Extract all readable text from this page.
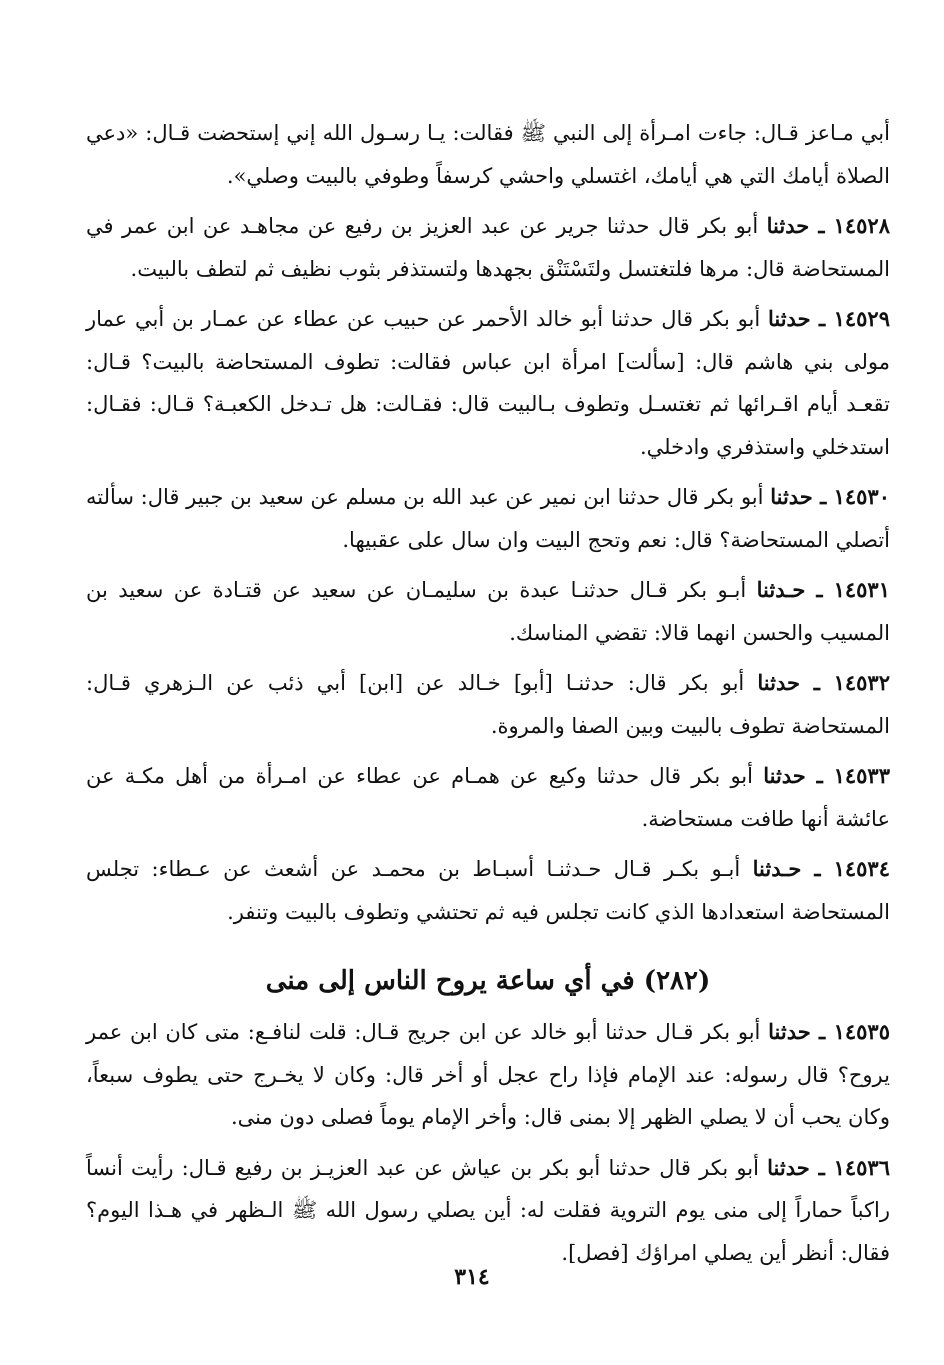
أبي مـاعز قـال: جاءت امـرأة إلى النبي ﷺ فقالت: يـا رسـول الله إني إستحضت قـال: «دعي الصلاة أيامك التي هي أيامك، اغتسلي واحشي كرسفاً وطوفي بالبيت وصلي».

١٤٥٢٨ ـ حدثنا أبو بكر قال حدثنا جرير عن عبد العزيز بن رفيع عن مجاهـد عن ابن عمر في المستحاضة قال: مرها فلتغتسل ولتَسْتَنْق بجهدها ولتستذفر بثوب نظيف ثم لتطف بالبيت.

١٤٥٢٩ ـ حدثنا أبو بكر قال حدثنا أبو خالد الأحمر عن حبيب عن عطاء عن عمـار بن أبي عمار مولى بني هاشم قال: [سألت] امرأة ابن عباس فقالت: تطوف المستحاضة بالبيت؟ قـال: تقعـد أيام اقـرائها ثم تغتسـل وتطوف بـالبيت قال: فقـالت: هل تـدخل الكعبـة؟ قـال: فقـال: استدخلي واستذفري وادخلي.

١٤٥٣٠ ـ حدثنا أبو بكر قال حدثنا ابن نمير عن عبد الله بن مسلم عن سعيد بن جبير قال: سألته أتصلي المستحاضة؟ قال: نعم وتحج البيت وان سال على عقبيها.

١٤٥٣١ ـ حـدثنا أبـو بكر قـال حدثنـا عبدة بن سليمـان عن سعيد عن قتـادة عن سعيد بن المسيب والحسن انهما قالا: تقضي المناسك.

١٤٥٣٢ ـ حدثنا أبو بكر قال: حدثنـا [أبو] خـالد عن [ابن] أبي ذئب عن الـزهري قـال: المستحاضة تطوف بالبيت وبين الصفا والمروة.

١٤٥٣٣ ـ حدثنا أبو بكر قال حدثنا وكيع عن همـام عن عطاء عن امـرأة من أهل مكـة عن عائشة أنها طافت مستحاضة.

١٤٥٣٤ ـ حـدثنا أبـو بكـر قـال حـدثنـا أسبـاط بن محمـد عن أشعث عن عـطاء: تجلس المستحاضة استعدادها الذي كانت تجلس فيه ثم تحتشي وتطوف بالبيت وتنفر.

(٢٨٢) في أي ساعة يروح الناس إلى منى

١٤٥٣٥ ـ حدثنا أبو بكر قـال حدثنا أبو خالد عن ابن جريج قـال: قلت لنافـع: متى كان ابن عمر يروح؟ قال رسوله: عند الإمام فإذا راح عجل أو أخر قال: وكان لا يخـرج حتى يطوف سبعاً، وكان يحب أن لا يصلي الظهر إلا بمنى قال: وأخر الإمام يوماً فصلى دون منى.

١٤٥٣٦ ـ حدثنا أبو بكر قال حدثنا أبو بكر بن عياش عن عبد العزيـز بن رفيع قـال: رأيت أنساً راكباً حماراً إلى منى يوم التروية فقلت له: أين يصلي رسول الله ﷺ الـظهر في هـذا اليوم؟ فقال: أنظر أين يصلي امراؤك [فصل].

٣١٤
